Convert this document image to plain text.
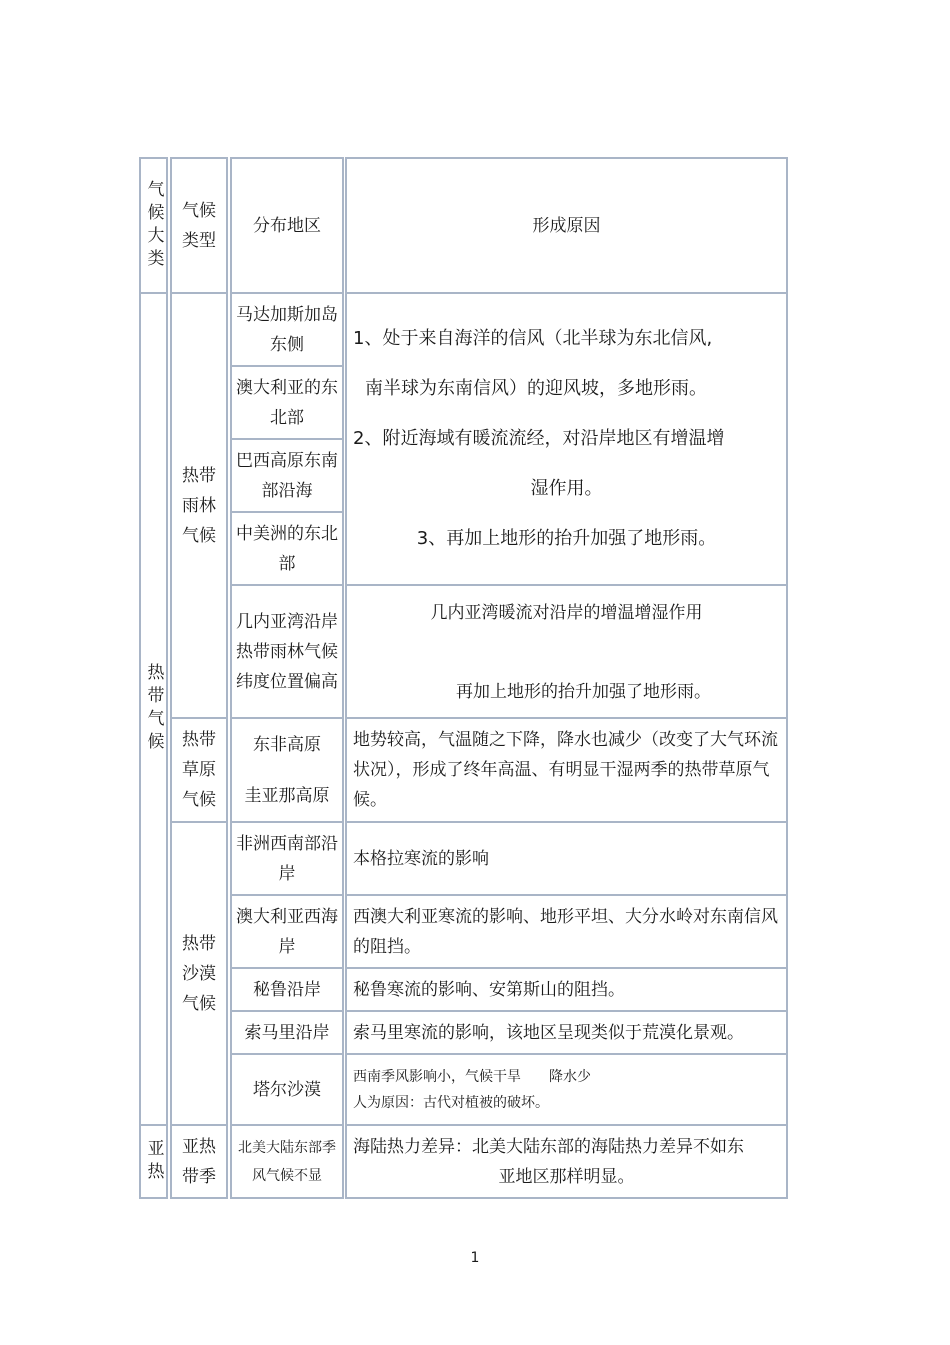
气候大类 气候类型
分布地区	形成原因
热带气候
热带雨林气候
马达加斯加岛东侧
澳大利亚的东北部
巴西高原东南部沿海
中美洲的东北部

1、处于来自海洋的信风（北半球为东北信风,

南半球为东南信风）的迎风坡，多地形雨。

2、附近海域有暖流流经，对沿岸地区有增温增

湿作用。

3、再加上地形的抬升加强了地形雨。

几内亚湾沿岸热带雨林气候纬度位置偏高
几内亚湾暖流对沿岸的增温增湿作用
再加上地形的抬升加强了地形雨。
热带草原气候
东非高原
圭亚那高原
地势较高，气温随之下降，降水也减少（改变了大气环流状况），形成了终年高温、有明显干湿两季的热带草原气候。
热带沙漠气候
非洲西南部沿岸
本格拉寒流的影响
澳大利亚西海岸
西澳大利亚寒流的影响、地形平坦、大分水岭对东南信风的阻挡。
秘鲁沿岸 秘鲁寒流的影响、安第斯山的阻挡。
索马里沿岸 索马里寒流的影响，该地区呈现类似于荒漠化景观。
塔尔沙漠
西南季风影响小，气候干旱　　降水少
人为原因：古代对植被的破坏。
亚热 亚热带季
北美大陆东部季风气候不显
海陆热力差异：北美大陆东部的海陆热力差异不如东
亚地区那样明显。
1
